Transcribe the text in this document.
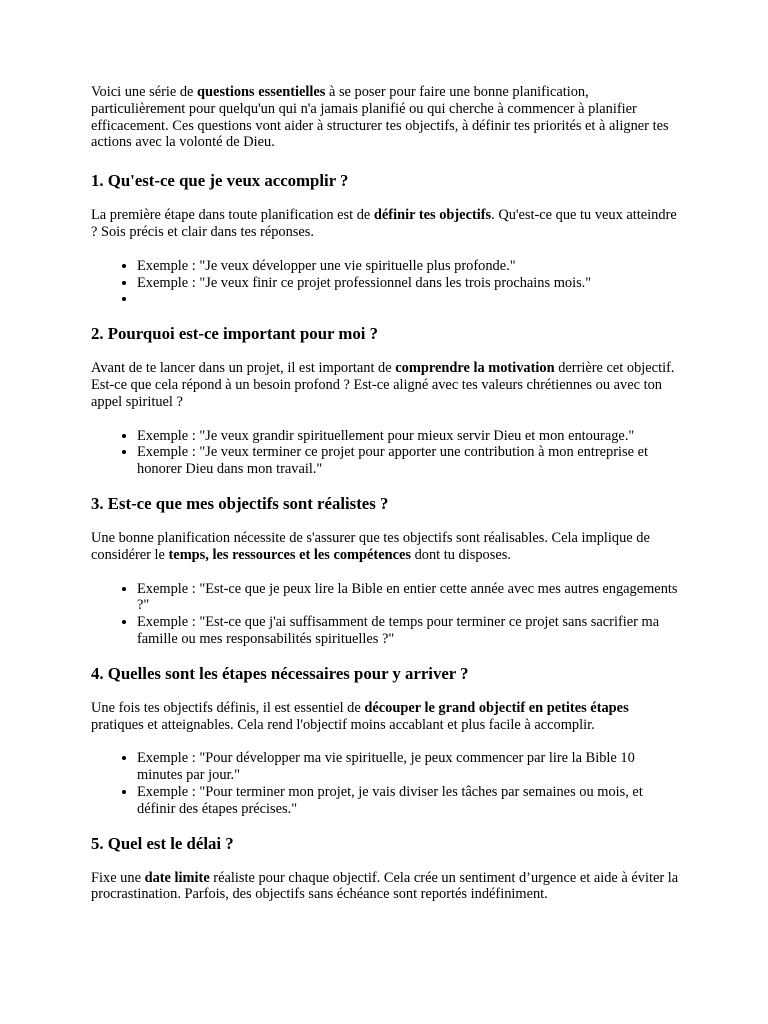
Voici une série de questions essentielles à se poser pour faire une bonne planification, particulièrement pour quelqu'un qui n'a jamais planifié ou qui cherche à commencer à planifier efficacement. Ces questions vont aider à structurer tes objectifs, à définir tes priorités et à aligner tes actions avec la volonté de Dieu.

1. Qu'est-ce que je veux accomplir ?

La première étape dans toute planification est de définir tes objectifs. Qu'est-ce que tu veux atteindre ? Sois précis et clair dans tes réponses.

• Exemple : "Je veux développer une vie spirituelle plus profonde."
• Exemple : "Je veux finir ce projet professionnel dans les trois prochains mois."
•
2. Pourquoi est-ce important pour moi ?

Avant de te lancer dans un projet, il est important de comprendre la motivation derrière cet objectif. Est-ce que cela répond à un besoin profond ? Est-ce aligné avec tes valeurs chrétiennes ou avec ton appel spirituel ?

• Exemple : "Je veux grandir spirituellement pour mieux servir Dieu et mon entourage."
• Exemple : "Je veux terminer ce projet pour apporter une contribution à mon entreprise et honorer Dieu dans mon travail."
3. Est-ce que mes objectifs sont réalistes ?

Une bonne planification nécessite de s'assurer que tes objectifs sont réalisables. Cela implique de considérer le temps, les ressources et les compétences dont tu disposes.

• Exemple : "Est-ce que je peux lire la Bible en entier cette année avec mes autres engagements ?"
• Exemple : "Est-ce que j'ai suffisamment de temps pour terminer ce projet sans sacrifier ma famille ou mes responsabilités spirituelles ?"
4. Quelles sont les étapes nécessaires pour y arriver ?

Une fois tes objectifs définis, il est essentiel de découper le grand objectif en petites étapes pratiques et atteignables. Cela rend l'objectif moins accablant et plus facile à accomplir.

• Exemple : "Pour développer ma vie spirituelle, je peux commencer par lire la Bible 10 minutes par jour."
• Exemple : "Pour terminer mon projet, je vais diviser les tâches par semaines ou mois, et définir des étapes précises."
5. Quel est le délai ?

Fixe une date limite réaliste pour chaque objectif. Cela crée un sentiment d’urgence et aide à éviter la procrastination. Parfois, des objectifs sans échéance sont reportés indéfiniment.
